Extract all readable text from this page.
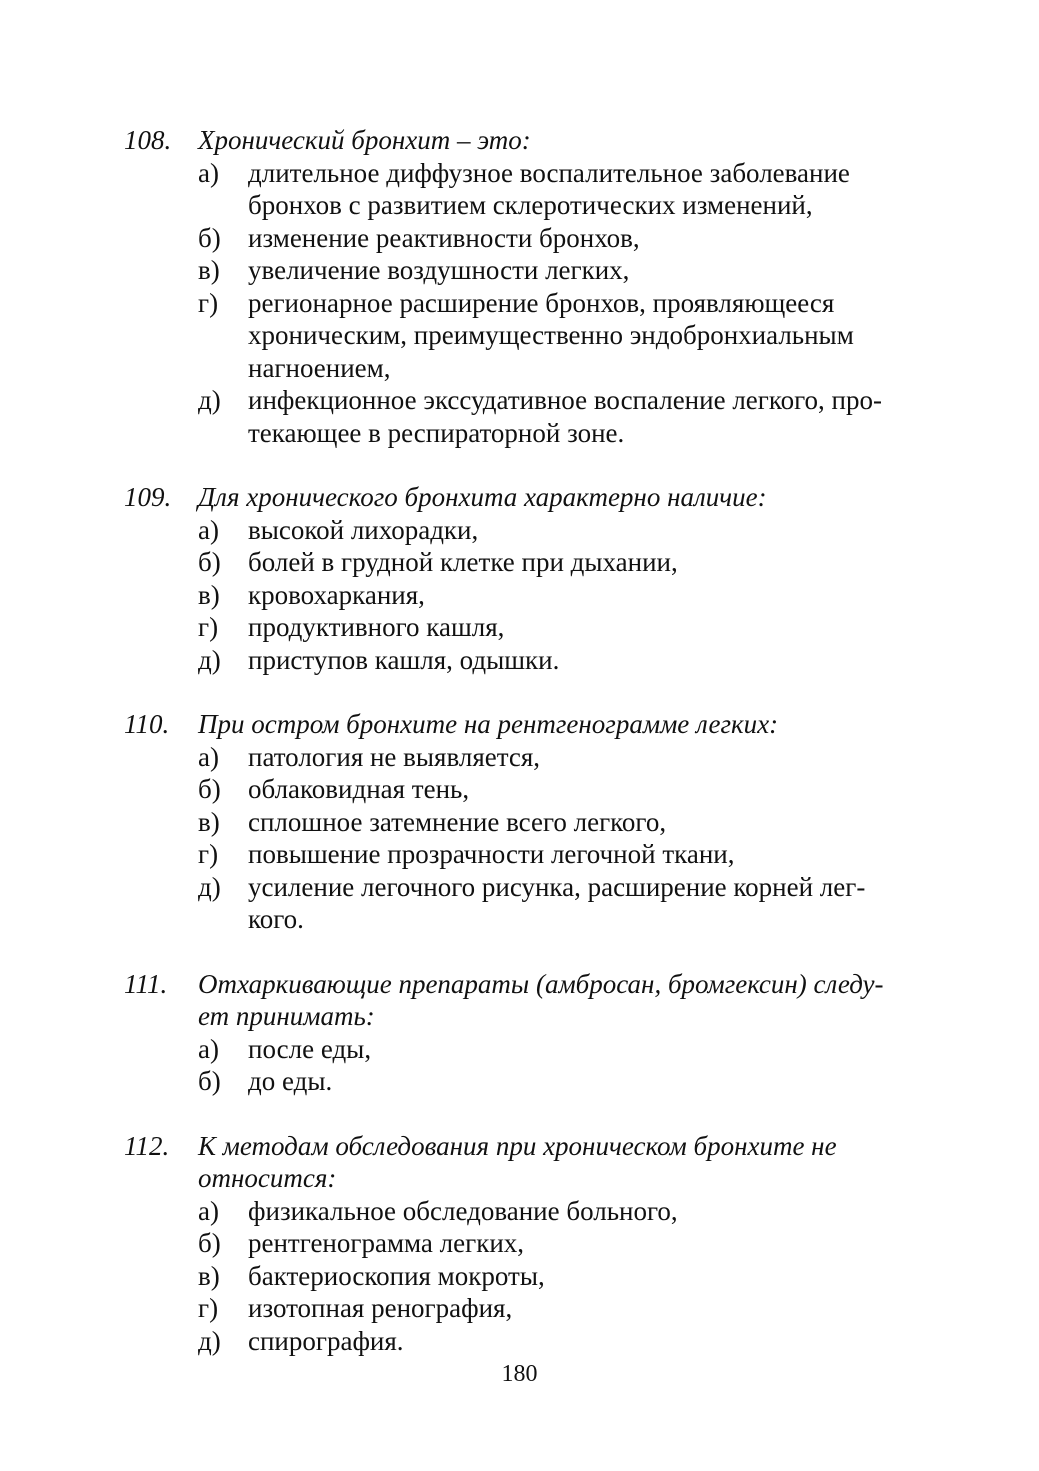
108. Хронический бронхит – это:
а)	длительное диффузное воспалительное заболевание
бронхов с развитием склеротических изменений,
б)	изменение реактивности бронхов,
в)	увеличение воздушности легких,
г)	регионарное расширение бронхов, проявляющееся
хроническим, преимущественно эндобронхиальным
нагноением,
д)	инфекционное экссудативное воспаление легкого, про-
текающее в респираторной зоне.
109. Для хронического бронхита характерно наличие:
а)	высокой лихорадки,
б)	болей в грудной клетке при дыхании,
в)	кровохаркания,
г)	продуктивного кашля,
д)	приступов кашля, одышки.
110.	При остром бронхите на рентгенограмме легких:
а)	патология не выявляется,
б)	облаковидная тень,
в)	сплошное затемнение всего легкого,
г)	повышение прозрачности легочной ткани,
д)	усиление легочного рисунка, расширение корней лег-
кого.
111.	Отхаркивающие препараты (амбросан, бромгексин) следу-
ет принимать:
а)	после еды,
б)	до еды.
112.	К методам обследования при хроническом бронхите не
относится:
а)	физикальное обследование больного,
б)	рентгенограмма легких,
в)	бактериоскопия мокроты,
г)	изотопная ренография,
д)	спирография.
180
